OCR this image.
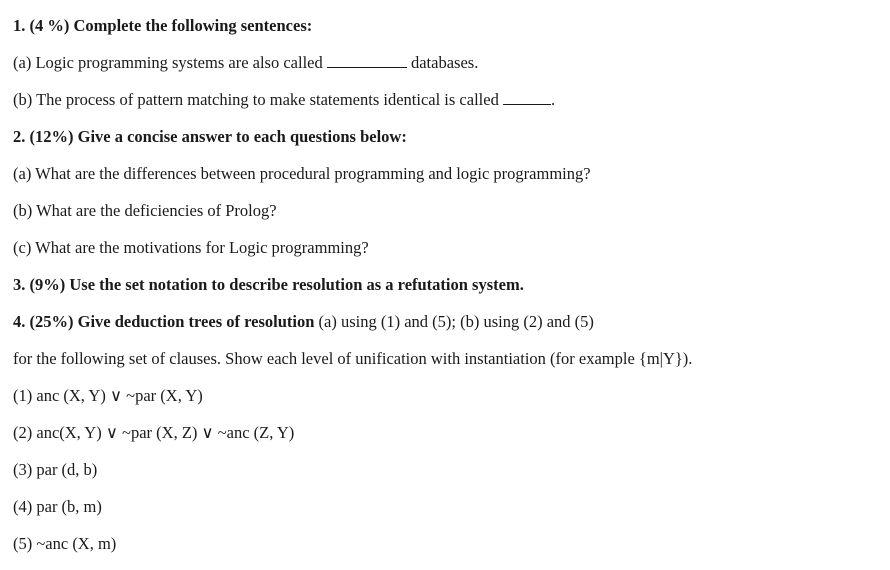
1. (4 %) Complete the following sentences:
(a) Logic programming systems are also called	databases.
(b) The process of pattern matching to make statements identical is called	.
2. (12%) Give a concise answer to each questions below:
(a) What are the differences between procedural programming and logic programming?
(b) What are the deficiencies of Prolog?
(c) What are the motivations for Logic programming?
3. (9%) Use the set notation to describe resolution as a refutation system.
4. (25%) Give deduction trees of resolution (a) using (1) and (5); (b) using (2) and (5)
for the following set of clauses. Show each level of unification with instantiation (for example {m|Y}).
(1) anc (X, Y) ∨ ~par (X, Y)
(2) anc(X, Y) ∨ ~par (X, Z) ∨ ~anc (Z, Y)
(3) par (d, b)
(4) par (b, m)
(5) ~anc (X, m)
